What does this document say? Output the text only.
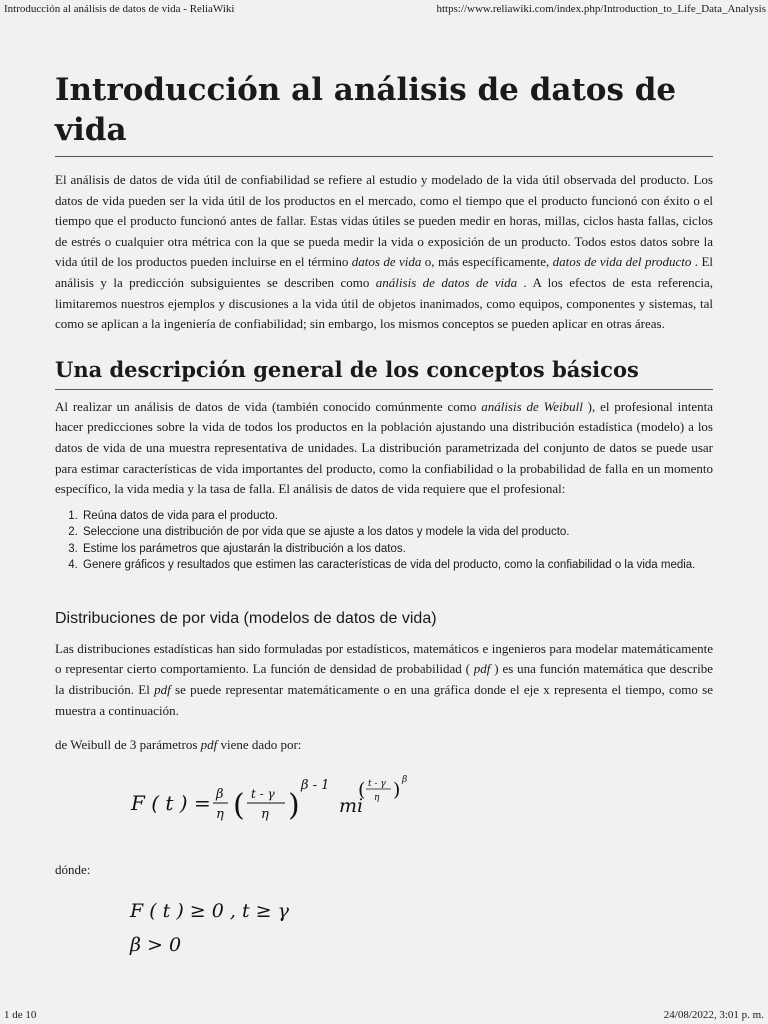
Introducción al análisis de datos de vida - ReliaWiki	https://www.reliawiki.com/index.php/Introduction_to_Life_Data_Analysis
Introducción al análisis de datos de vida

El análisis de datos de vida útil de confiabilidad se refiere al estudio y modelado de la vida útil observada del producto. Los datos de vida pueden ser la vida útil de los productos en el mercado, como el tiempo que el producto funcionó con éxito o el tiempo que el producto funcionó antes de fallar. Estas vidas útiles se pueden medir en horas, millas, ciclos hasta fallas, ciclos de estrés o cualquier otra métrica con la que se pueda medir la vida o exposición de un producto. Todos estos datos sobre la vida útil de los productos pueden incluirse en el término datos de vida o, más específicamente, datos de vida del producto . El análisis y la predicción subsiguientes se describen como análisis de datos de vida . A los efectos de esta referencia, limitaremos nuestros ejemplos y discusiones a la vida útil de objetos inanimados, como equipos, componentes y sistemas, tal como se aplican a la ingeniería de confiabilidad; sin embargo, los mismos conceptos se pueden aplicar en otras áreas.

Una descripción general de los conceptos básicos

Al realizar un análisis de datos de vida (también conocido comúnmente como análisis de Weibull ), el profesional intenta hacer predicciones sobre la vida de todos los productos en la población ajustando una distribución estadística (modelo) a los datos de vida de una muestra representativa de unidades. La distribución parametrizada del conjunto de datos se puede usar para estimar características de vida importantes del producto, como la confiabilidad o la probabilidad de falla en un momento específico, la vida media y la tasa de falla. El análisis de datos de vida requiere que el profesional:

1. Reúna datos de vida para el producto.
2. Seleccione una distribución de por vida que se ajuste a los datos y modele la vida del producto.
3. Estime los parámetros que ajustarán la distribución a los datos.
4. Genere gráficos y resultados que estimen las características de vida del producto, como la confiabilidad o la vida media.
Distribuciones de por vida (modelos de datos de vida)

Las distribuciones estadísticas han sido formuladas por estadísticos, matemáticos e ingenieros para modelar matemáticamente o representar cierto comportamiento. La función de densidad de probabilidad ( pdf ) es una función matemática que describe la distribución. El pdf se puede representar matemáticamente o en una gráfica donde el eje x representa el tiempo, como se muestra a continuación.

de Weibull de 3 parámetros pdf viene dado por:

F ( t ) = β
η ( t - γ
η )
β - 1
mi
( t - γ
η ) β

dónde:

F ( t ) ≥ 0 , t ≥ γ
β > 0
1 de 10	24/08/2022, 3:01 p. m.
